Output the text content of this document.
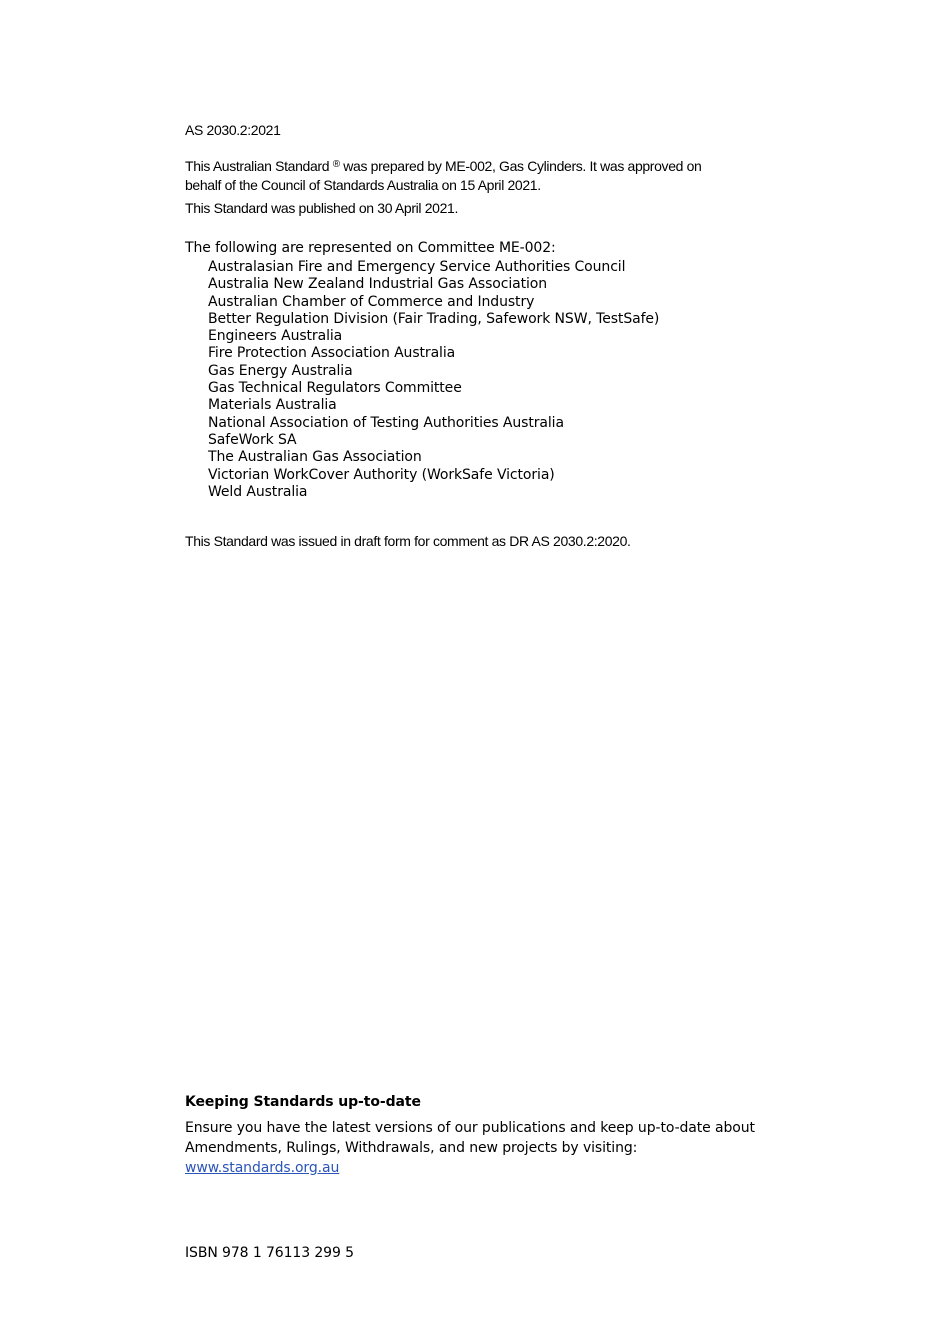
AS 2030.2:2021

This Australian Standard ® was prepared by ME-002, Gas Cylinders. It was approved on
behalf of the Council of Standards Australia on 15 April 2021.

This Standard was published on 30 April 2021.

The following are represented on Committee ME-002:

Australasian Fire and Emergency Service Authorities Council
Australia New Zealand Industrial Gas Association
Australian Chamber of Commerce and Industry
Better Regulation Division (Fair Trading, Safework NSW, TestSafe)
Engineers Australia
Fire Protection Association Australia
Gas Energy Australia
Gas Technical Regulators Committee
Materials Australia
National Association of Testing Authorities Australia
SafeWork SA
The Australian Gas Association
Victorian WorkCover Authority (WorkSafe Victoria)
Weld Australia

This Standard was issued in draft form for comment as DR AS 2030.2:2020.

Keeping Standards up-to-date

Ensure you have the latest versions of our publications and keep up-to-date about
Amendments, Rulings, Withdrawals, and new projects by visiting:
www.standards.org.au

ISBN 978 1 76113 299 5
